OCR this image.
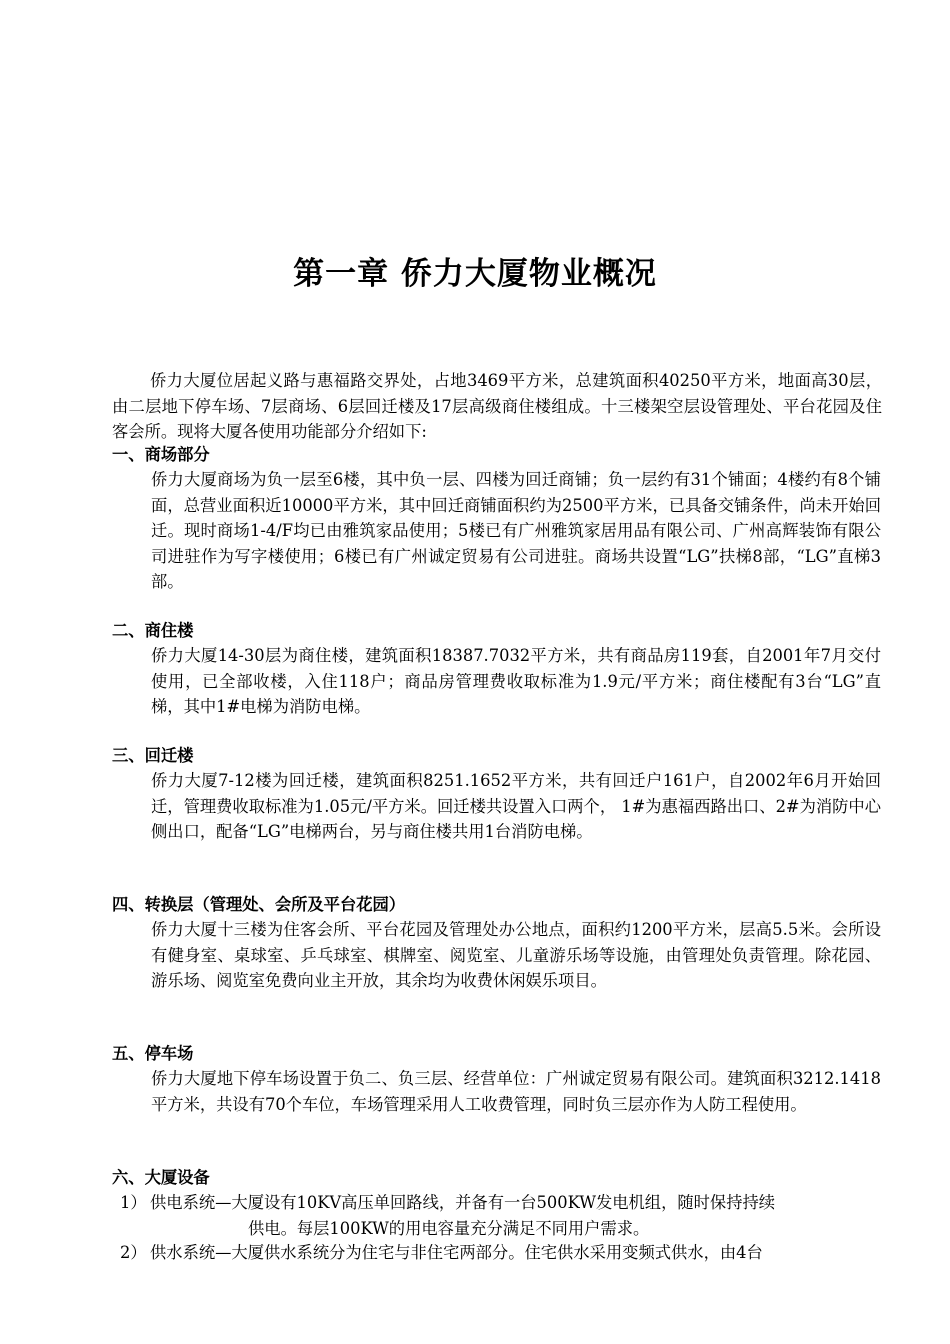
第一章 侨力大厦物业概况

侨力大厦位居起义路与惠福路交界处，占地3469平方米，总建筑面积40250平方米，地面高30层，由二层地下停车场、7层商场、6层回迁楼及17层高级商住楼组成。十三楼架空层设管理处、平台花园及住客会所。现将大厦各使用功能部分介绍如下:

一、商场部分

侨力大厦商场为负一层至6楼，其中负一层、四楼为回迁商铺；负一层约有31个铺面；4楼约有8个铺面，总营业面积近10000平方米，其中回迁商铺面积约为2500平方米，已具备交铺条件，尚未开始回迁。现时商场1-4/F均已由雅筑家品使用；5楼已有广州雅筑家居用品有限公司、广州高辉装饰有限公司进驻作为写字楼使用；6楼已有广州诚定贸易有公司进驻。商场共设置“LG”扶梯8部，“LG”直梯3部。

二、商住楼

侨力大厦14-30层为商住楼，建筑面积18387.7032平方米，共有商品房119套，自2001年7月交付使用，已全部收楼，入住118户；商品房管理费收取标准为1.9元/平方米；商住楼配有3台“LG”直梯，其中1#电梯为消防电梯。

三、回迁楼

侨力大厦7-12楼为回迁楼，建筑面积8251.1652平方米，共有回迁户161户，自2002年6月开始回迁，管理费收取标准为1.05元/平方米。回迁楼共设置入口两个， 1#为惠福西路出口、2#为消防中心侧出口，配备“LG”电梯两台，另与商住楼共用1台消防电梯。

四、转换层（管理处、会所及平台花园）

侨力大厦十三楼为住客会所、平台花园及管理处办公地点，面积约1200平方米，层高5.5米。会所设有健身室、桌球室、乒乓球室、棋牌室、阅览室、儿童游乐场等设施，由管理处负责管理。除花园、游乐场、阅览室免费向业主开放，其余均为收费休闲娱乐项目。

五、停车场

侨力大厦地下停车场设置于负二、负三层、经营单位：广州诚定贸易有限公司。建筑面积3212.1418平方米，共设有70个车位，车场管理采用人工收费管理，同时负三层亦作为人防工程使用。

六、大厦设备
1） 供电系统—大厦设有10KV高压单回路线，并备有一台500KW发电机组，随时保持持续
供电。每层100KW的用电容量充分满足不同用户需求。
2） 供水系统—大厦供水系统分为住宅与非住宅两部分。住宅供水采用变频式供水，由4台
